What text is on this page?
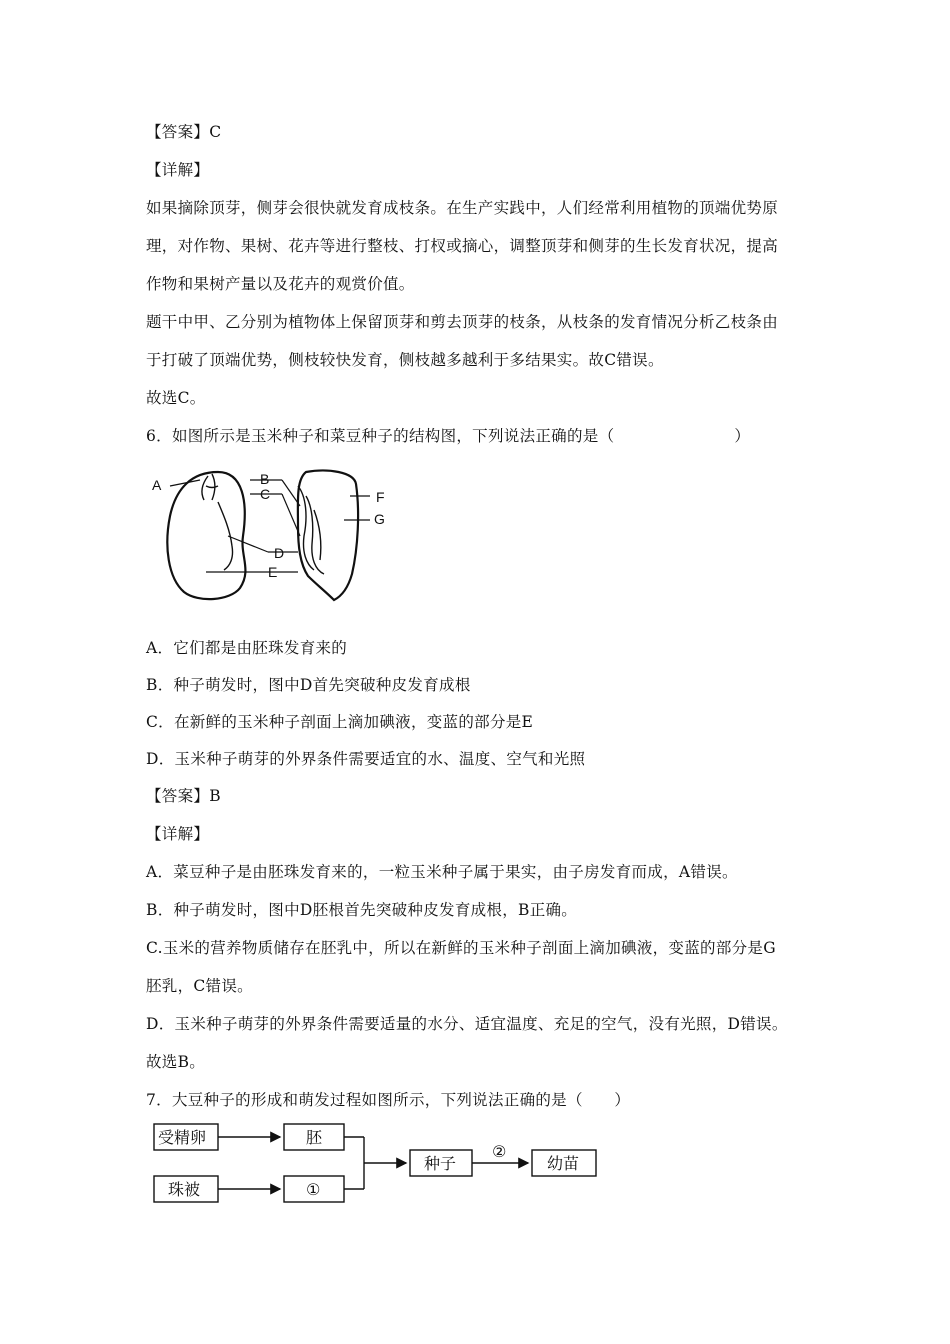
【答案】C
【详解】
如果摘除顶芽，侧芽会很快就发育成枝条。在生产实践中，人们经常利用植物的顶端优势原
理，对作物、果树、花卉等进行整枝、打杈或摘心，调整顶芽和侧芽的生长发育状况，提高
作物和果树产量以及花卉的观赏价值。
题干中甲、乙分别为植物体上保留顶芽和剪去顶芽的枝条，从枝条的发育情况分析乙枝条由
于打破了顶端优势，侧枝较快发育，侧枝越多越利于多结果实。故C错误。
故选C。
6．如图所示是玉米种子和菜豆种子的结构图，下列说法正确的是（	）
A	B
C
D
E
F
G
A．它们都是由胚珠发育来的
B．种子萌发时，图中D首先突破种皮发育成根
C．在新鲜的玉米种子剖面上滴加碘液，变蓝的部分是E
D．玉米种子萌芽的外界条件需要适宜的水、温度、空气和光照
【答案】B
【详解】
A．菜豆种子是由胚珠发育来的，一粒玉米种子属于果实，由子房发育而成，A错误。
B．种子萌发时，图中D胚根首先突破种皮发育成根，B正确。
C.玉米的营养物质储存在胚乳中，所以在新鲜的玉米种子剖面上滴加碘液，变蓝的部分是G
胚乳，C错误。
D．玉米种子萌芽的外界条件需要适量的水分、适宜温度、充足的空气，没有光照，D错误。
故选B。
7．大豆种子的形成和萌发过程如图所示，下列说法正确的是（　　）
受精卵	胚
珠被	①
种子
②
幼苗
